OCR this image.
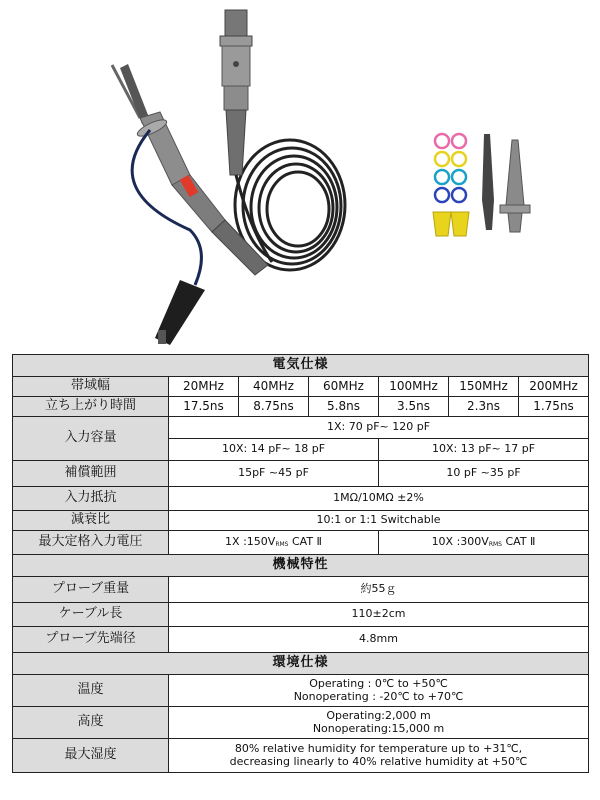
電気仕様						
帯域幅	20MHz	40MHz	60MHz	100MHz	150MHz	200MHz
立ち上がり時間	17.5ns	8.75ns	5.8ns	3.5ns	2.3ns	1.75ns
入力容量	1X: 70 pF~ 120 pF					
	10X: 14 pF~ 18 pF			10X: 13 pF~ 17 pF		
補償範囲	15pF ~45 pF			10 pF ~35 pF		
入力抵抗	1MΩ/10MΩ ±2%					
減衰比	10:1 or 1:1 Switchable					
最大定格入力電圧	1X $:150V_{RMS}$ CAT Ⅱ			10X $:300V_{RMS}$ CAT Ⅱ		
機械特性						
プローブ重量	約55ｇ					
ケーブル長	110±2cm					
プローブ先端径	4.8mm					
環境仕様						
温度	Operating : 0℃ to +50℃
Nonoperating : -20℃ to +70℃					

高度	Operating:2,000 m
Nonoperating:15,000 m					

最大湿度	80% relative humidity for temperature up to +31℃,
decreasing linearly to 40% relative humidity at +50℃					
